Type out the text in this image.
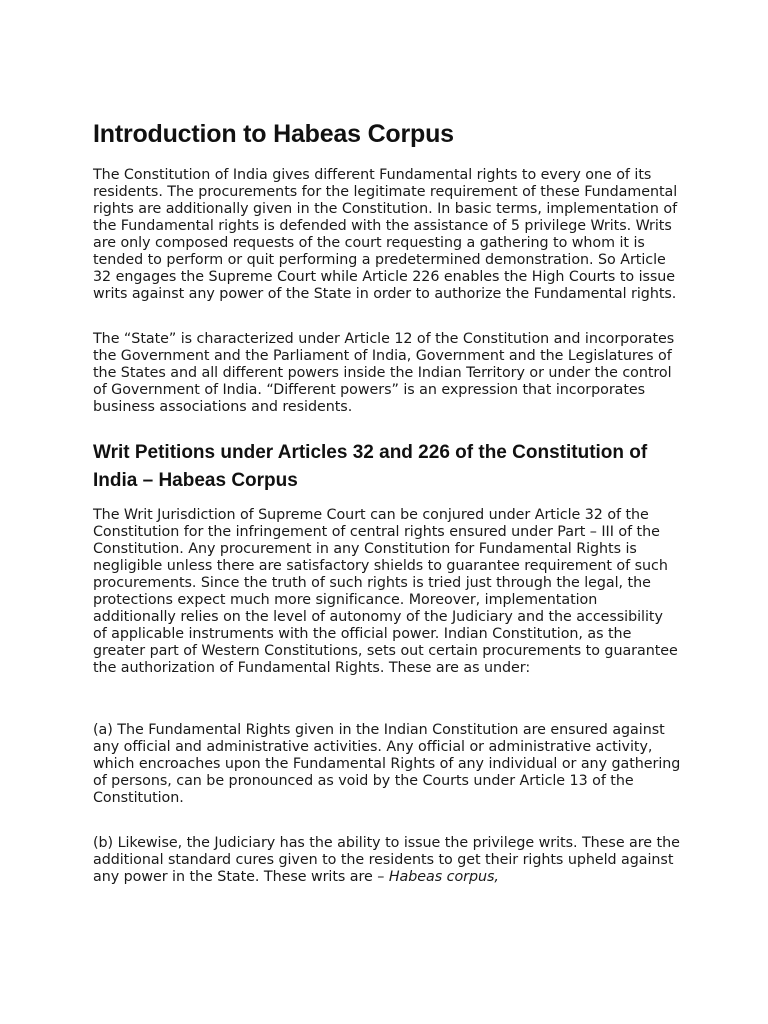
Introduction to Habeas Corpus

The Constitution of India gives different Fundamental rights to every one of its residents. The procurements for the legitimate requirement of these Fundamental rights are additionally given in the Constitution. In basic terms, implementation of the Fundamental rights is defended with the assistance of 5 privilege Writs. Writs are only composed requests of the court requesting a gathering to whom it is tended to perform or quit performing a predetermined demonstration. So Article 32 engages the Supreme Court while Article 226 enables the High Courts to issue writs against any power of the State in order to authorize the Fundamental rights.

The “State” is characterized under Article 12 of the Constitution and incorporates the Government and the Parliament of India, Government and the Legislatures of the States and all different powers inside the Indian Territory or under the control of Government of India. “Different powers” is an expression that incorporates business associations and residents.

Writ Petitions under Articles 32 and 226 of the Constitution of India – Habeas Corpus

The Writ Jurisdiction of Supreme Court can be conjured under Article 32 of the Constitution for the infringement of central rights ensured under Part – III of the Constitution. Any procurement in any Constitution for Fundamental Rights is negligible unless there are satisfactory shields to guarantee requirement of such procurements. Since the truth of such rights is tried just through the legal, the protections expect much more significance. Moreover, implementation additionally relies on the level of autonomy of the Judiciary and the accessibility of applicable instruments with the official power. Indian Constitution, as the greater part of Western Constitutions, sets out certain procurements to guarantee the authorization of Fundamental Rights. These are as under:

(a) The Fundamental Rights given in the Indian Constitution are ensured against any official and administrative activities. Any official or administrative activity, which encroaches upon the Fundamental Rights of any individual or any gathering of persons, can be pronounced as void by the Courts under Article 13 of the Constitution.

(b) Likewise, the Judiciary has the ability to issue the privilege writs. These are the additional standard cures given to the residents to get their rights upheld against any power in the State. These writs are – Habeas corpus,
